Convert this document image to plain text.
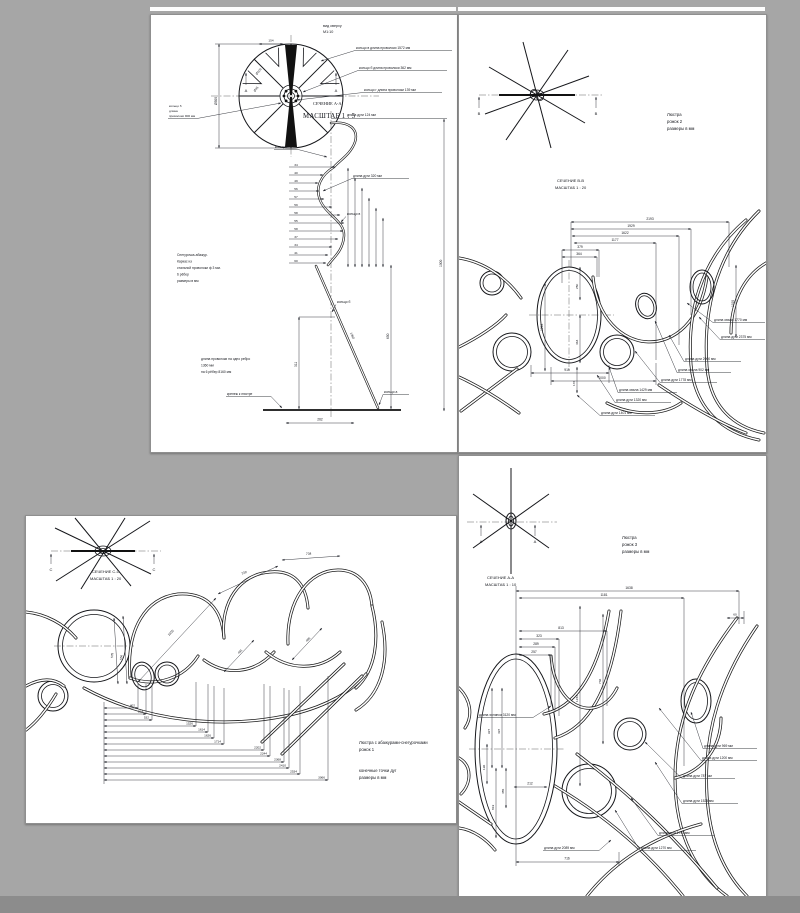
Ø500
154
Ø100
Ø45
А	А
вид сверху
М1:10
кольцо в длина проволоки 1572 мм
кольцо б длина проволоки 362 мм
кольцо г длина проволоки 139 мм
кольцо б
длина
проволоки 900 мм
СЕЧЕНИЕ А-А
МАСШТАБ 1 : 5
длина дуги 124 мм
1000
34
40
49
56
57
59
58
55
58
37
34
41
60
кольцо г
длина дуги 320 мм
кольцо в
1360
кольцо б
311
650
262
крепеж к люстре	кольцо а
Снегурочка-абажур.
Каркас из
стальной проволоки ф 3 мм.
6 рёбер
размеры в мм
длина проволоки на одно ребро
1360 мм
на 6 рёбер 8160 мм
В	В
СЕЧЕНИЕ В-В
МАСШТАБ 1 : 20
Люстра
рожок 2
размеры в мм
2193
1929
1622
1177
379
364
1263
1100
250
463
176
915
1000
длина овала 1770 мм
длина дуги 2375 мм
длина дуги 2000 мм
длина овала 902 мм
длина дуги 1778 мм
длина овала 1429 мм
длина дуги 1320 мм
длина дуги 1401 мм
С	С
СЕЧЕНИЕ С-С
МАСШТАБ 1 : 20
Люстра с абажурами-снегурочками
рожок 1
конечные точки дуг
размеры в мм
1155
720
734
491
486
578 556
402
514
532
1526
1614
1626
1714
2202
2244
2368
2410
2534
3066
А	А
СЕЧЕНИЕ А-А
МАСШТАБ 1 : 10
Люстра
рожок 3
размеры в мм
1638
1181
60
813
323
289
257
1233
736
927 497
196
455
819
212
716
длина эллипса 3120 мм
длина дуги 969 мм
длина дуги 1200 мм
длина дуги 787 мм
длина дуги 1525 мм
длина дуги 1791 мм
длина дуги 1270 мм
длина дуги 2089 мм
